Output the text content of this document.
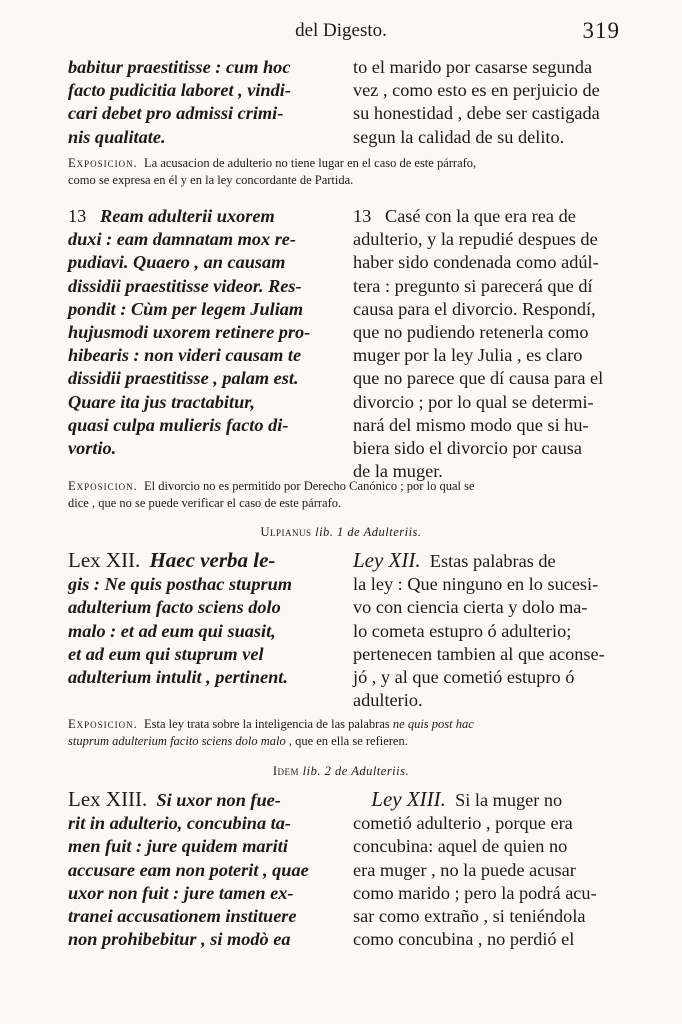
del Digesto.	319
babitur praestitisse : cum hoc
facto pudicitia laboret , vindi-
cari debet pro admissi crimi-
nis qualitate.
to el marido por casarse segunda
vez , como esto es en perjuicio de
su honestidad , debe ser castigada
segun la calidad de su delito.
Exposicion. La acusacion de adulterio no tiene lugar en el caso de este párrafo,
como se expresa en él y en la ley concordante de Partida.
13 Ream adulterii uxorem
duxi : eam damnatam mox re-
pudiavi. Quaero , an causam
dissidii praestitisse videor. Res-
pondit : Cùm per legem Juliam
hujusmodi uxorem retinere pro-
hibearis : non videri causam te
dissidii praestitisse , palam est.
Quare ita jus tractabitur,
quasi culpa mulieris facto di-
vortio.
13 Casé con la que era rea de
adulterio, y la repudié despues de
haber sido condenada como adúl-
tera : pregunto si parecerá que dí
causa para el divorcio. Respondí,
que no pudiendo retenerla como
muger por la ley Julia , es claro
que no parece que dí causa para el
divorcio ; por lo qual se determi-
nará del mismo modo que si hu-
biera sido el divorcio por causa
de la muger.
Exposicion. El divorcio no es permitido por Derecho Canónico ; por lo qual se
dice , que no se puede verificar el caso de este párrafo.
Ulpianus lib. 1 de Adulteriis.
Lex XII. Haec verba le-
gis : Ne quis posthac stuprum
adulterium facto sciens dolo
malo : et ad eum qui suasit,
et ad eum qui stuprum vel
adulterium intulit , pertinent.
Ley XII. Estas palabras de
la ley : Que ninguno en lo sucesi-
vo con ciencia cierta y dolo ma-
lo cometa estupro ó adulterio;
pertenecen tambien al que aconse-
jó , y al que cometió estupro ó
adulterio.
Exposicion. Esta ley trata sobre la inteligencia de las palabras ne quis post hac
stuprum adulterium facito sciens dolo malo , que en ella se refieren.
Idem lib. 2 de Adulteriis.
Lex XIII. Si uxor non fue-
rit in adulterio, concubina ta-
men fuit : jure quidem mariti
accusare eam non poterit , quae
uxor non fuit : jure tamen ex-
tranei accusationem instituere
non prohibebitur , si modò ea
Ley XIII. Si la muger no
cometió adulterio , porque era
concubina: aquel de quien no
era muger , no la puede acusar
como marido ; pero la podrá acu-
sar como extraño , si teniéndola
como concubina , no perdió el
